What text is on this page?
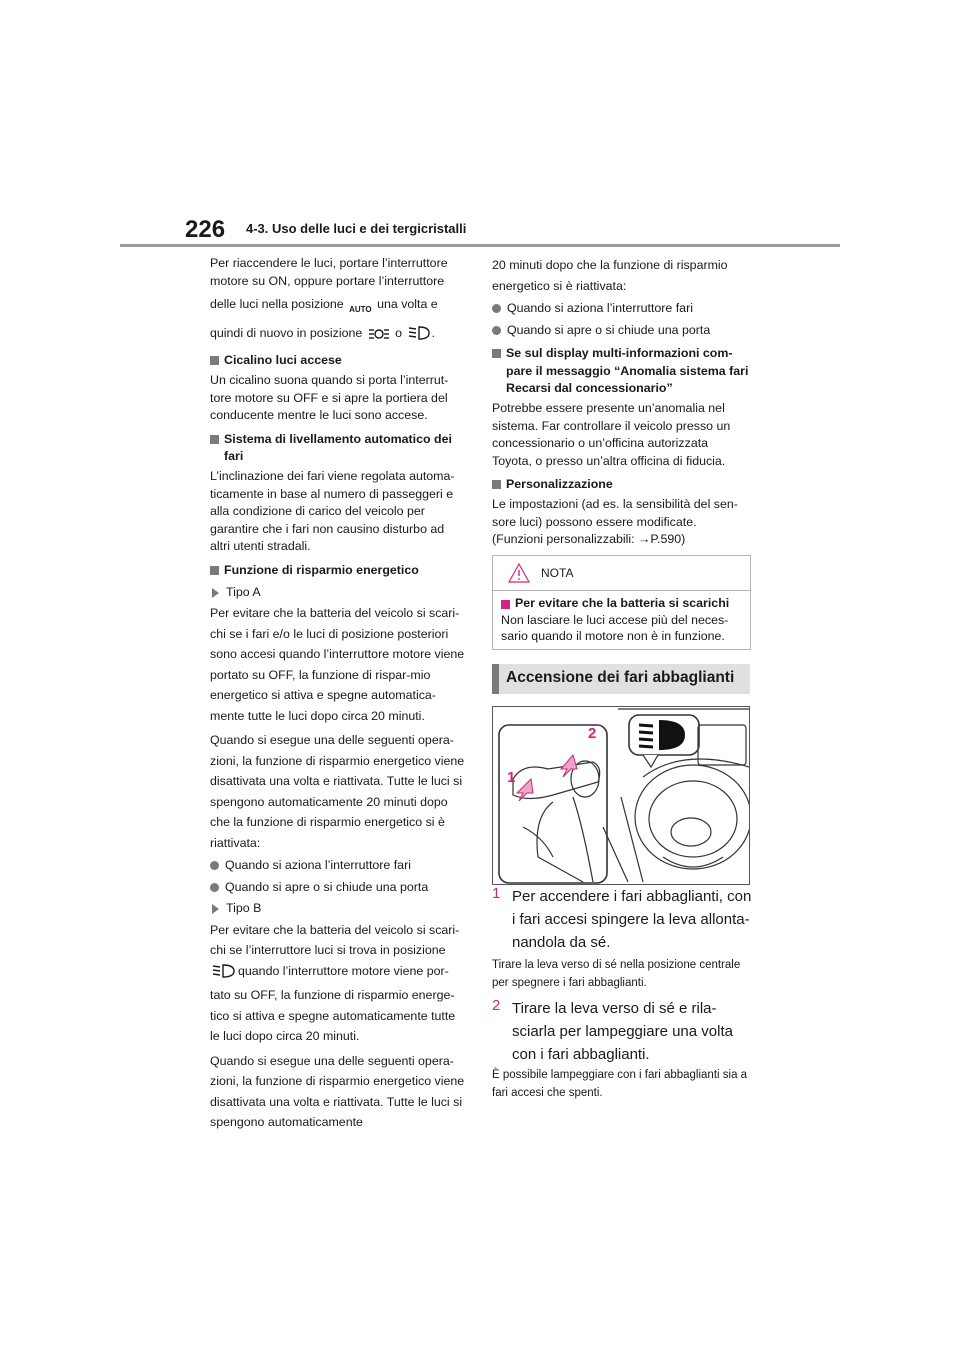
226 4-3. Uso delle luci e dei tergicristalli

Per riaccendere le luci, portare l’interruttore motore su ON, oppure portare l’interruttore

delle luci nella posizione AUTO una volta e

quindi di nuovo in posizione	o .

Cicalino luci accese

Un cicalino suona quando si porta l’interrut-tore motore su OFF e si apre la portiera del conducente mentre le luci sono accese.

Sistema di livellamento automatico dei fari

L’inclinazione dei fari viene regolata automa-ticamente in base al numero di passeggeri e alla condizione di carico del veicolo per garantire che i fari non causino disturbo ad altri utenti stradali.

Funzione di risparmio energetico
Tipo A

Per evitare che la batteria del veicolo si scari-chi se i fari e/o le luci di posizione posteriori sono accesi quando l’interruttore motore viene portato su OFF, la funzione di rispar-mio energetico si attiva e spegne automatica-mente tutte le luci dopo circa 20 minuti.

Quando si esegue una delle seguenti opera-zioni, la funzione di risparmio energetico viene disattivata una volta e riattivata. Tutte le luci si spengono automaticamente 20 minuti dopo che la funzione di risparmio energetico si è riattivata:

Quando si aziona l’interruttore fari
Quando si apre o si chiude una porta
Tipo B

Per evitare che la batteria del veicolo si scari-chi se l’interruttore luci si trova in posizione

quando l’interruttore motore viene por-tato su OFF, la funzione di risparmio energe-tico si attiva e spegne automaticamente tutte le luci dopo circa 20 minuti.

Quando si esegue una delle seguenti opera-zioni, la funzione di risparmio energetico viene disattivata una volta e riattivata. Tutte le luci si spengono automaticamente

20 minuti dopo che la funzione di risparmio energetico si è riattivata:

Quando si aziona l’interruttore fari
Quando si apre o si chiude una porta
Se sul display multi-informazioni com-pare il messaggio “Anomalia sistema fari Recarsi dal concessionario”

Potrebbe essere presente un’anomalia nel sistema. Far controllare il veicolo presso un concessionario o un’officina autorizzata Toyota, o presso un’altra officina di fiducia.

Personalizzazione

Le impostazioni (ad es. la sensibilità del sen-sore luci) possono essere modificate. (Funzioni personalizzabili: →P.590)

NOTA
Per evitare che la batteria si scarichi
Non lasciare le luci accese più del neces-sario quando il motore non è in funzione.
Accensione dei fari abbaglianti
2
1
1 Per accendere i fari abbaglianti, con i fari accesi spingere la leva allonta-nandola da sé.
Tirare la leva verso di sé nella posizione centrale per spegnere i fari abbaglianti.
2 Tirare la leva verso di sé e rila-sciarla per lampeggiare una volta con i fari abbaglianti.
È possibile lampeggiare con i fari abbaglianti sia a fari accesi che spenti.
